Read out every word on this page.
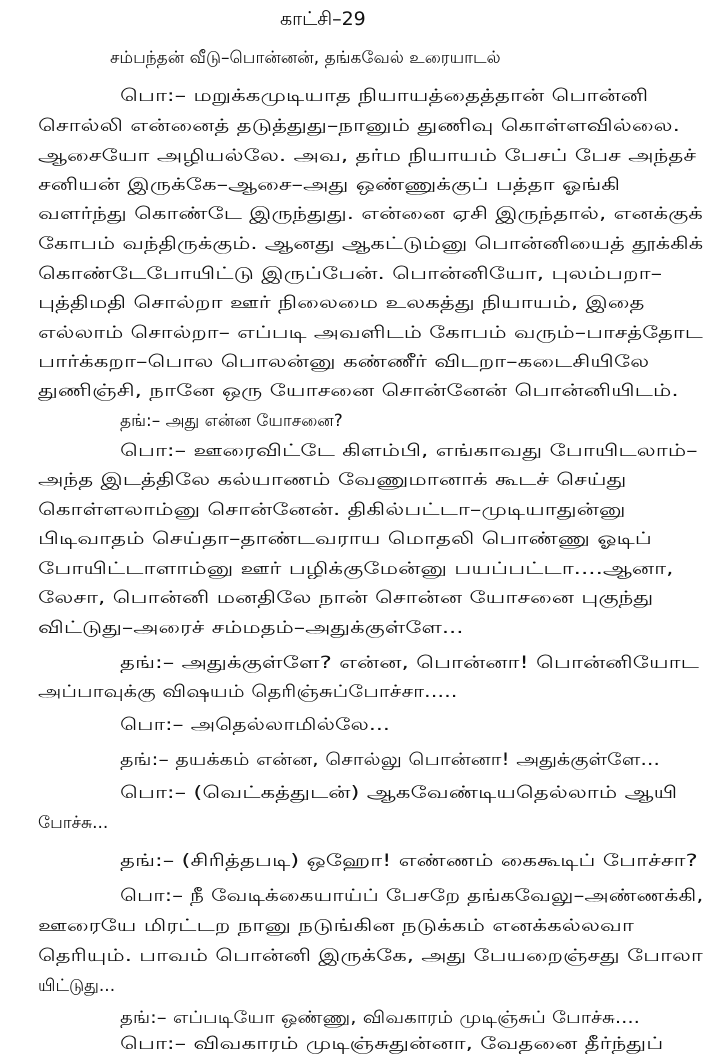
காட்சி–29
சம்பந்தன் வீடு–பொன்னன், தங்கவேல் உரையாடல்
பொ:– மறுக்கமுடியாத நியாயத்தைத்தான் பொன்னி
சொல்லி என்னைத் தடுத்துது–நானும் துணிவு கொள்ளவில்லை.
ஆசையோ அழியல்லே. அவ, தர்ம நியாயம் பேசப் பேச அந்தச்
சனியன் இருக்கே–ஆசை–அது ஒண்ணுக்குப் பத்தா ஓங்கி
வளர்ந்து கொண்டே இருந்துது. என்னை ஏசி இருந்தால், எனக்குக்
கோபம் வந்திருக்கும். ஆனது ஆகட்டும்னு பொன்னியைத் தூக்கிக்
கொண்டேபோயிட்டு இருப்பேன். பொன்னியோ, புலம்பறா–
புத்திமதி சொல்றா ஊர் நிலைமை உலகத்து நியாயம், இதை
எல்லாம் சொல்றா– எப்படி அவளிடம் கோபம் வரும்–பாசத்தோட
பார்க்கறா–பொல பொலன்னு கண்ணீர் விடறா–கடைசியிலே
துணிஞ்சி, நானே ஒரு யோசனை சொன்னேன் பொன்னியிடம்.
தங்:– அது என்ன யோசனை?
பொ:– ஊரைவிட்டே கிளம்பி, எங்காவது போயிடலாம்–
அந்த இடத்திலே கல்யாணம் வேணுமானாக் கூடச் செய்து
கொள்ளலாம்னு சொன்னேன். திகில்பட்டா–முடியாதுன்னு
பிடிவாதம் செய்தா–தாண்டவராய மொதலி பொண்ணு ஓடிப்
போயிட்டாளாம்னு ஊர் பழிக்குமேன்னு பயப்பட்டா....ஆனா,
லேசா, பொன்னி மனதிலே நான் சொன்ன யோசனை புகுந்து
விட்டுது–அரைச் சம்மதம்–அதுக்குள்ளே...
தங்:– அதுக்குள்ளே? என்ன, பொன்னா! பொன்னியோட
அப்பாவுக்கு விஷயம் தெரிஞ்சுப்போச்சா.....
பொ:– அதெல்லாமில்லே...
தங்:– தயக்கம் என்ன, சொல்லு பொன்னா! அதுக்குள்ளே...
பொ:– (வெட்கத்துடன்) ஆகவேண்டியதெல்லாம் ஆயி
போச்சு...
தங்:– (சிரித்தபடி) ஒஹோ! எண்ணம் கைகூடிப் போச்சா?
பொ:– நீ வேடிக்கையாய்ப் பேசறே தங்கவேலு–அண்ணக்கி,
ஊரையே மிரட்டற நானு நடுங்கின நடுக்கம் எனக்கல்லவா
தெரியும். பாவம் பொன்னி இருக்கே, அது பேயறைஞ்சது போலா
யிட்டுது...
தங்:– எப்படியோ ஒண்ணு, விவகாரம் முடிஞ்சுப் போச்சு....
பொ:– விவகாரம் முடிஞ்சுதுன்னா, வேதனை தீர்ந்துப்
